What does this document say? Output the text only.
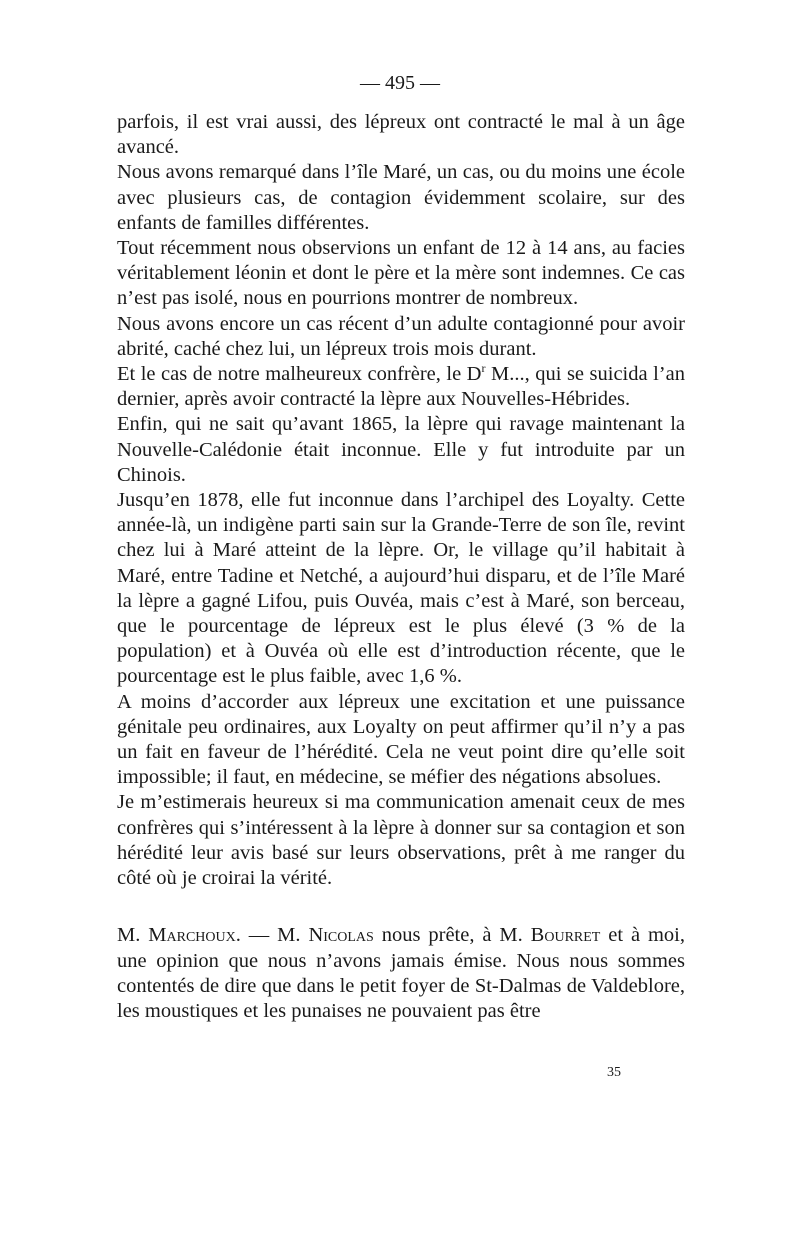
— 495 —

parfois, il est vrai aussi, des lépreux ont contracté le mal à un âge avancé.

Nous avons remarqué dans l’île Maré, un cas, ou du moins une école avec plusieurs cas, de contagion évidemment scolaire, sur des enfants de familles différentes.

Tout récemment nous observions un enfant de 12 à 14 ans, au facies véritablement léonin et dont le père et la mère sont indemnes. Ce cas n’est pas isolé, nous en pourrions montrer de nombreux.

Nous avons encore un cas récent d’un adulte contagionné pour avoir abrité, caché chez lui, un lépreux trois mois durant.

Et le cas de notre malheureux confrère, le $D^r$ M..., qui se suicida l’an dernier, après avoir contracté la lèpre aux Nouvelles-Hébrides.

Enfin, qui ne sait qu’avant 1865, la lèpre qui ravage maintenant la Nouvelle-Calédonie était inconnue. Elle y fut introduite par un Chinois.

Jusqu’en 1878, elle fut inconnue dans l’archipel des Loyalty. Cette année-là, un indigène parti sain sur la Grande-Terre de son île, revint chez lui à Maré atteint de la lèpre. Or, le village qu’il habitait à Maré, entre Tadine et Netché, a aujourd’hui disparu, et de l’île Maré la lèpre a gagné Lifou, puis Ouvéa, mais c’est à Maré, son berceau, que le pourcentage de lépreux est le plus élevé (3 % de la population) et à Ouvéa où elle est d’introduction récente, que le pourcentage est le plus faible, avec 1,6 %.

A moins d’accorder aux lépreux une excitation et une puissance génitale peu ordinaires, aux Loyalty on peut affirmer qu’il n’y a pas un fait en faveur de l’hérédité. Cela ne veut point dire qu’elle soit impossible; il faut, en médecine, se méfier des négations absolues.

Je m’estimerais heureux si ma communication amenait ceux de mes confrères qui s’intéressent à la lèpre à donner sur sa contagion et son hérédité leur avis basé sur leurs observations, prêt à me ranger du côté où je croirai la vérité.

M. Marchoux. — M. Nicolas nous prête, à M. Bourret et à moi, une opinion que nous n’avons jamais émise. Nous nous sommes contentés de dire que dans le petit foyer de St-Dalmas de Valdeblore, les moustiques et les punaises ne pouvaient pas être

35
